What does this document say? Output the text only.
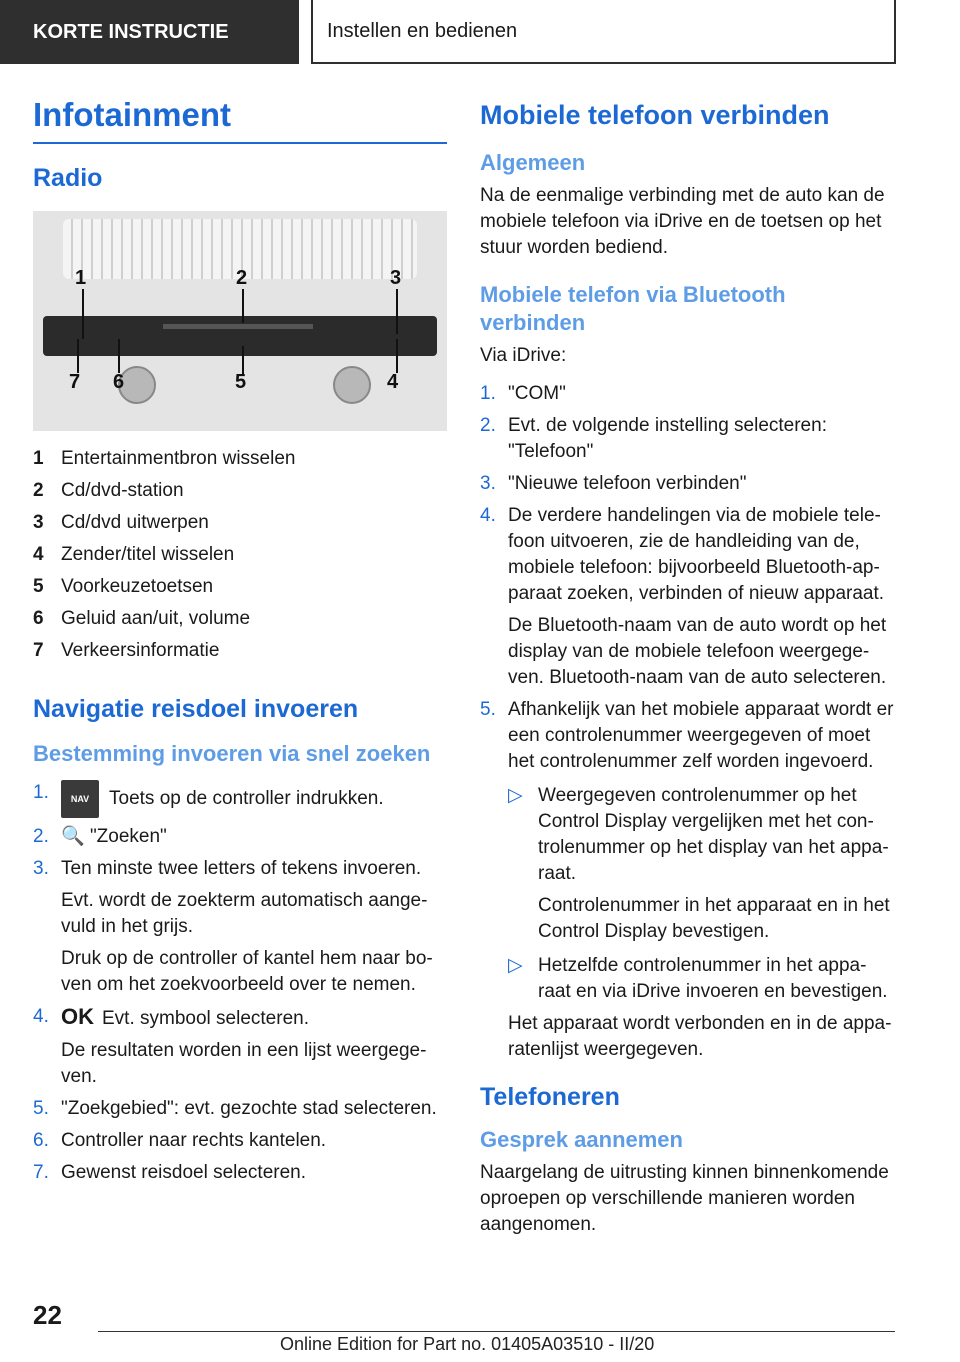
KORTE INSTRUCTIE	Instellen en bedienen
Infotainment
Radio
1	2	3
4
5
6
7
1 Entertainmentbron wisselen
2 Cd/dvd-station
3 Cd/dvd uitwerpen
4 Zender/titel wisselen
5 Voorkeuzetoetsen
6 Geluid aan/uit, volume
7 Verkeersinformatie
Navigatie reisdoel invoeren
Bestemming invoeren via snel zoeken
1.	NAV Toets op de controller indrukken.
2. 🔍 "Zoeken"
3. Ten minste twee letters of tekens invoeren.

Evt. wordt de zoekterm automatisch aange-vuld in het grijs.

Druk op de controller of kantel hem naar bo-ven om het zoekvoorbeeld over te nemen.

4. OK Evt. symbool selecteren.

De resultaten worden in een lijst weergege-ven.

5. "Zoekgebied": evt. gezochte stad selecteren.
6. Controller naar rechts kantelen.
7. Gewenst reisdoel selecteren.
Mobiele telefoon verbinden
Algemeen

Na de eenmalige verbinding met de auto kan de mobiele telefoon via iDrive en de toetsen op het stuur worden bediend.

Mobiele telefon via Bluetooth verbinden

Via iDrive:

1. "COM"
2. Evt. de volgende instelling selecteren: "Telefoon"
3. "Nieuwe telefoon verbinden"
4. De verdere handelingen via de mobiele tele-foon uitvoeren, zie de handleiding van de, mobiele telefoon: bijvoorbeeld Bluetooth-ap-paraat zoeken, verbinden of nieuw apparaat.

De Bluetooth-naam van de auto wordt op het display van de mobiele telefoon weergege-ven. Bluetooth-naam van de auto selecteren.

5. Afhankelijk van het mobiele apparaat wordt er een controlenummer weergegeven of moet het controlenummer zelf worden ingevoerd.
▷ Weergegeven controlenummer op het Control Display vergelijken met het con-trolenummer op het display van het appa-raat.

Controlenummer in het apparaat en in het Control Display bevestigen.

▷ Hetzelfde controlenummer in het appa-raat en via iDrive invoeren en bevestigen.

Het apparaat wordt verbonden en in de appa-ratenlijst weergegeven.

Telefoneren
Gesprek aannemen

Naargelang de uitrusting kinnen binnenkomende oproepen op verschillende manieren worden aangenomen.

22
Online Edition for Part no. 01405A03510 - II/20
